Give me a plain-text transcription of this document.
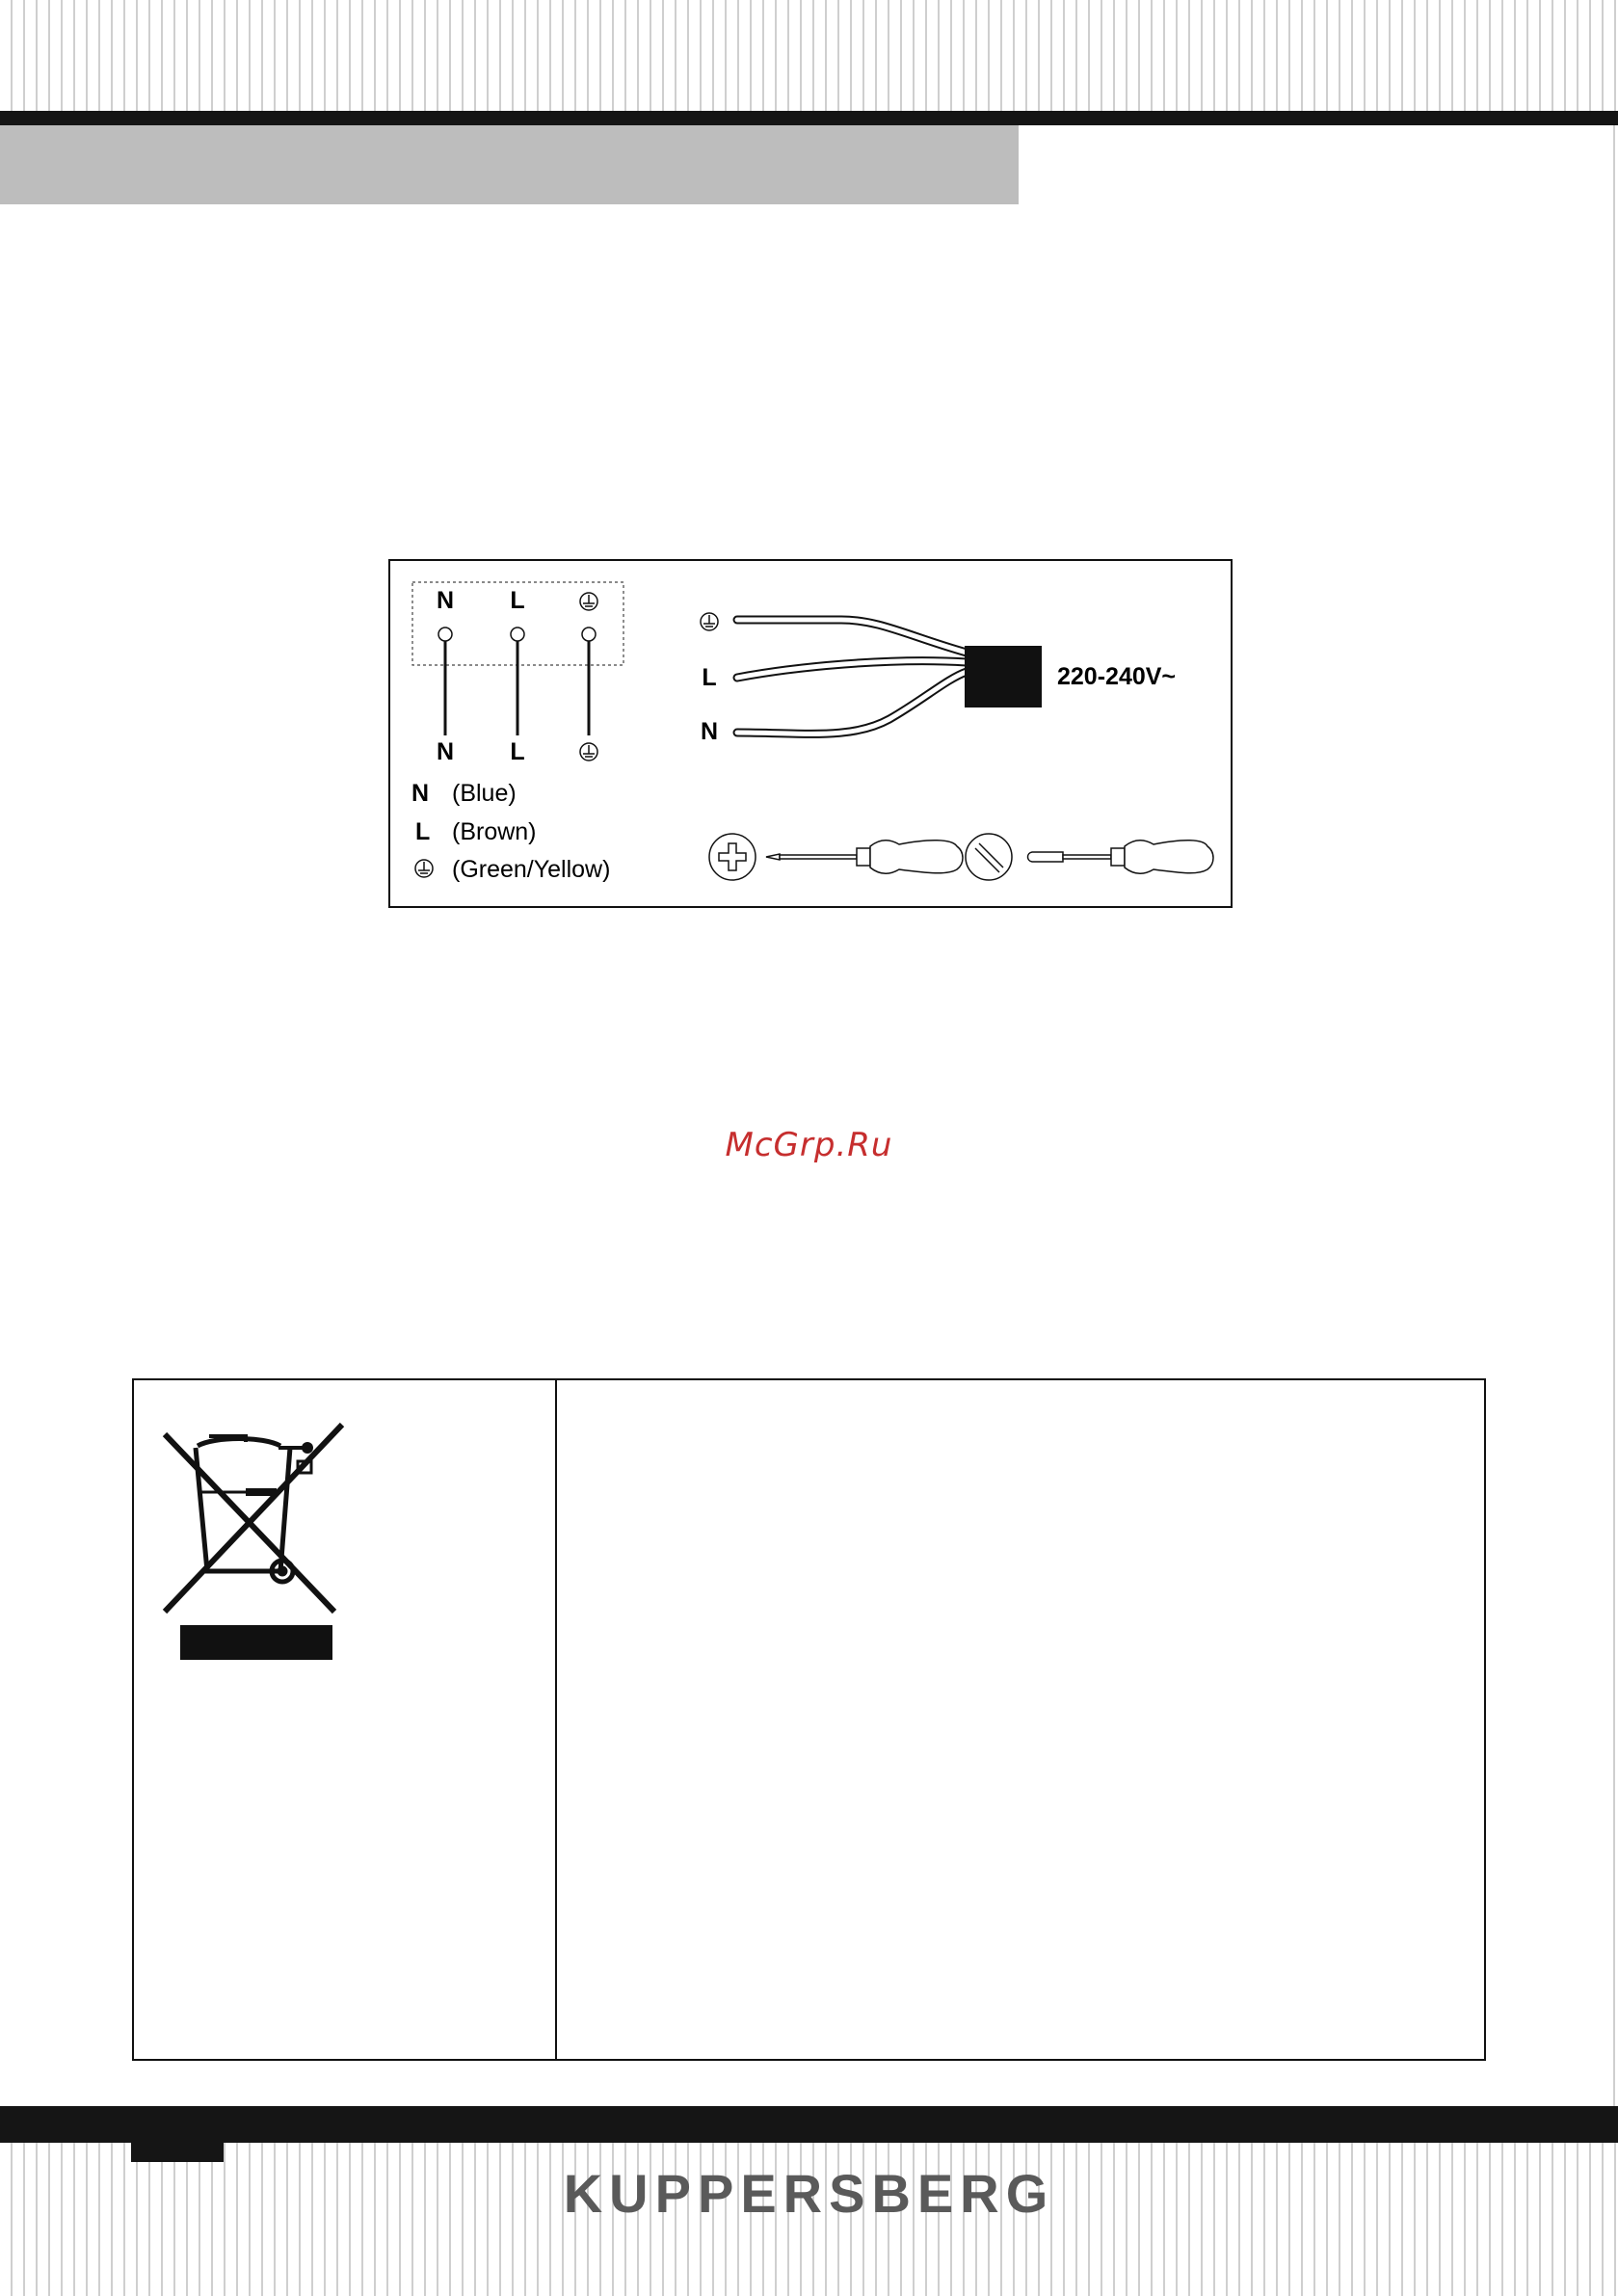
N L
N L
N (Blue)
L (Brown)
(Green/Yellow)
L
N
220-240V~
McGrp.Ru
KUPPERSBERG
